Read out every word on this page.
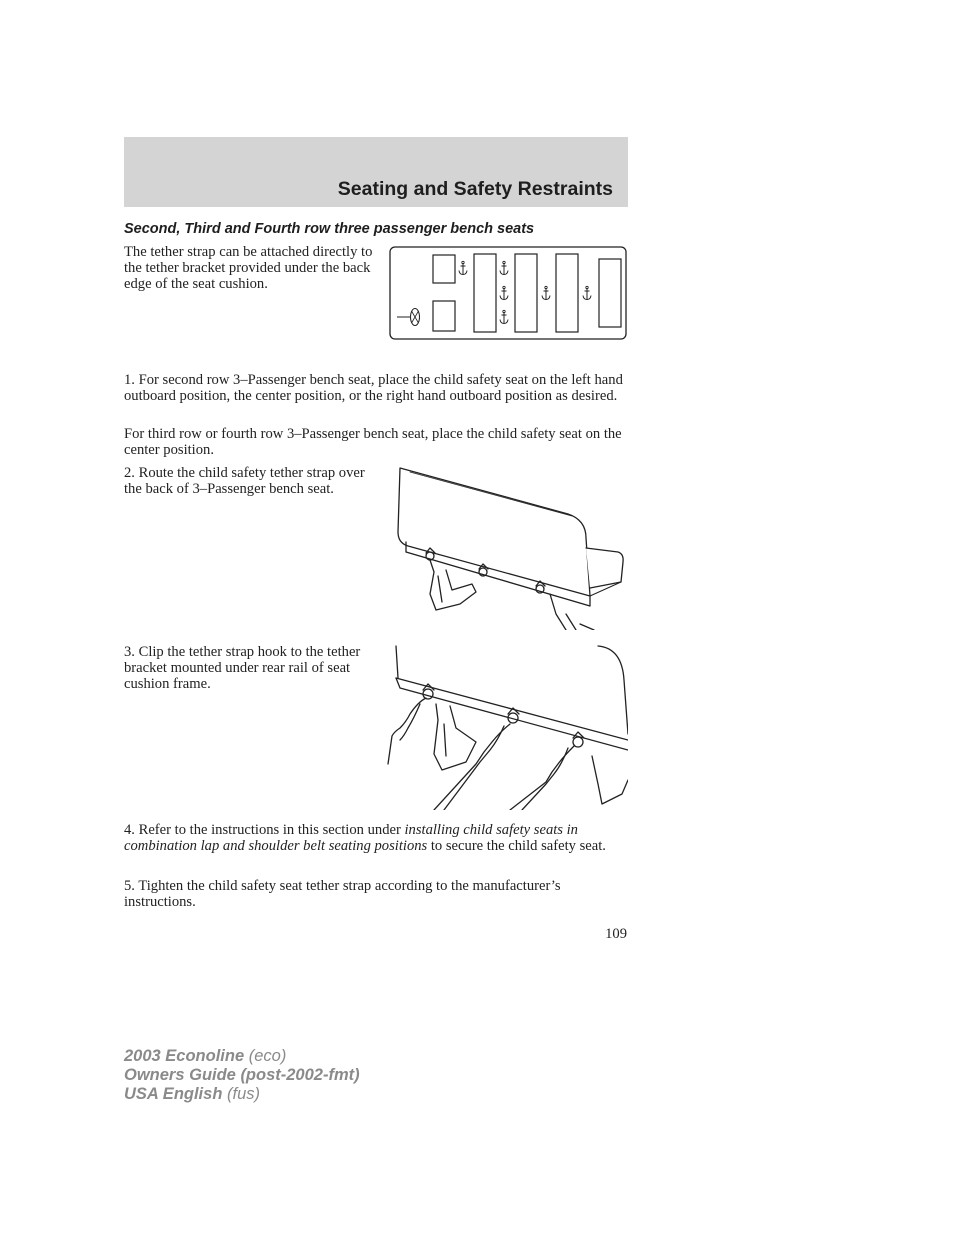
Seating and Safety Restraints
Second, Third and Fourth row three passenger bench seats
The tether strap can be attached directly to the tether bracket provided under the back edge of the seat cushion.
1. For second row 3–Passenger bench seat, place the child safety seat on the left hand outboard position, the center position, or the right hand outboard position as desired.
For third row or fourth row 3–Passenger bench seat, place the child safety seat on the center position.
2. Route the child safety tether strap over the back of 3–Passenger bench seat.
3. Clip the tether strap hook to the tether bracket mounted under rear rail of seat cushion frame.
4. Refer to the instructions in this section under installing child safety seats in combination lap and shoulder belt seating positions to secure the child safety seat.
5. Tighten the child safety seat tether strap according to the manufacturer’s instructions.
109
2003 Econoline (eco)
Owners Guide (post-2002-fmt)
USA English (fus)
